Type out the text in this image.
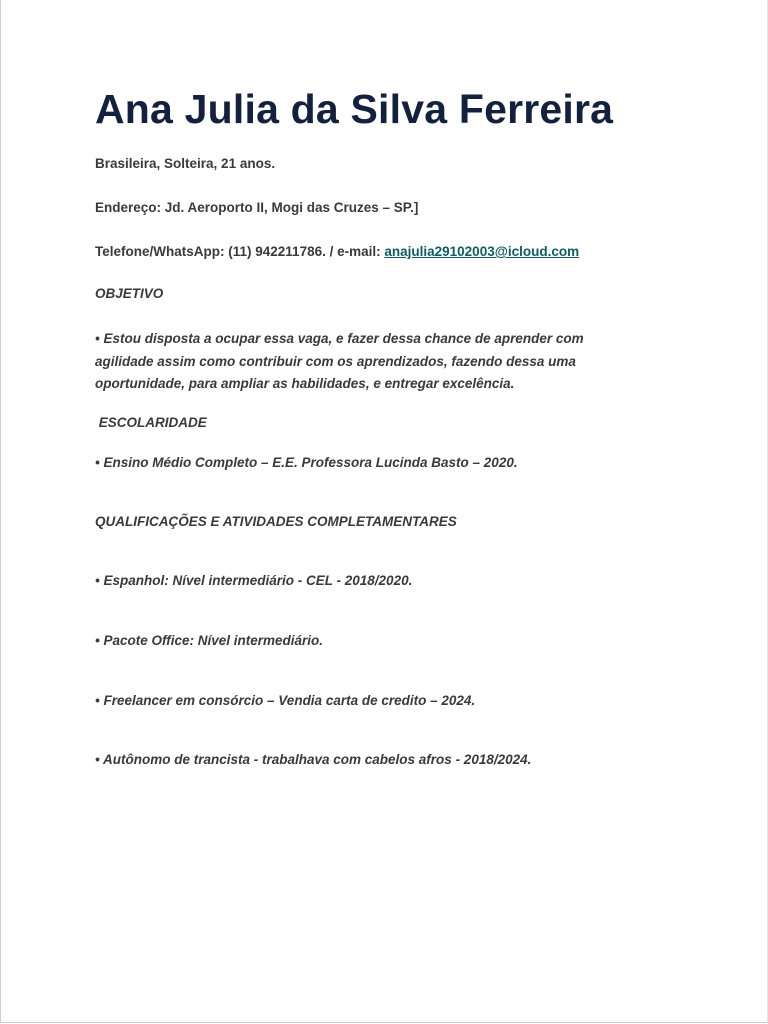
Ana Julia da Silva Ferreira
Brasileira, Solteira, 21 anos.
Endereço: Jd. Aeroporto II, Mogi das Cruzes – SP.]
Telefone/WhatsApp: (11) 942211786. / e-mail: anajulia29102003@icloud.com
OBJETIVO
• Estou disposta a ocupar essa vaga, e fazer dessa chance de aprender com
agilidade assim como contribuir com os aprendizados, fazendo dessa uma
oportunidade, para ampliar as habilidades, e entregar excelência.
ESCOLARIDADE
• Ensino Médio Completo – E.E. Professora Lucinda Basto – 2020.
QUALIFICAÇÕES E ATIVIDADES COMPLETAMENTARES
• Espanhol: Nível intermediário - CEL - 2018/2020.
• Pacote Office: Nível intermediário.
• Freelancer em consórcio – Vendia carta de credito – 2024.
• Autônomo de trancista - trabalhava com cabelos afros - 2018/2024.
